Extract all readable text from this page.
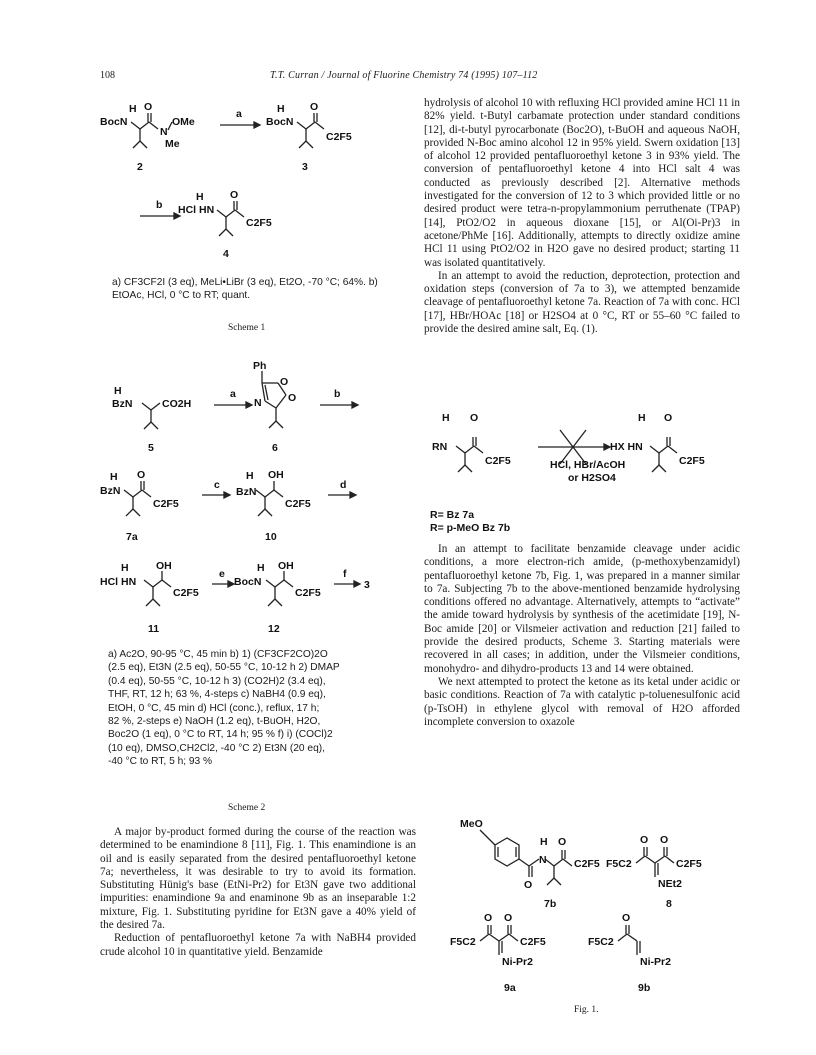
108	T.T. Curran / Journal of Fluorine Chemistry 74 (1995) 107–112
H O
BocN	OMe
N
Me
2
a	H O
BocN
C2F5
3
b
H	O
HCl HN
C2F5
4
a) CF3CF2I (3 eq), MeLi•LiBr (3 eq), Et2O, -70 °C; 64%. b) EtOAc, HCl, 0 °C to RT; quant.
Scheme 1
H
BzN	CO2H
5
a
Ph
O
N	O
6
b
H O
BzN
C2F5
7a
c
H OH
BzN
C2F5
10
d
H	OH
HCl HN
C2F5
11
e	H OH
BocN
C2F5
12
f
3
a) Ac2O, 90-95 °C, 45 min b) 1) (CF3CF2CO)2O
(2.5 eq), Et3N (2.5 eq), 50-55 °C, 10-12 h 2) DMAP
(0.4 eq), 50-55 °C, 10-12 h 3) (CO2H)2 (3.4 eq),
THF, RT, 12 h; 63 %, 4-steps c) NaBH4 (0.9 eq),
EtOH, 0 °C, 45 min d) HCl (conc.), reflux, 17 h;
82 %, 2-steps e) NaOH (1.2 eq), t-BuOH, H2O,
Boc2O (1 eq), 0 °C to RT, 14 h; 95 % f) i) (COCl)2
(10 eq), DMSO,CH2Cl2, -40 °C 2) Et3N (20 eq),
-40 °C to RT, 5 h; 93 %
Scheme 2

A major by-product formed during the course of the reaction was determined to be enamindione 8 [11], Fig. 1. This enamindione is an oil and is easily separated from the desired pentafluoroethyl ketone 7a; nevertheless, it was desirable to try to avoid its formation. Substituting Hünig's base (EtNi-Pr2) for Et3N gave two additional impurities: enamindione 9a and enaminone 9b as an inseparable 1:2 mixture, Fig. 1. Substituting pyridine for Et3N gave a 40% yield of the desired 7a.

Reduction of pentafluoroethyl ketone 7a with NaBH4 provided crude alcohol 10 in quantitative yield. Benzamide

hydrolysis of alcohol 10 with refluxing HCl provided amine HCl 11 in 82% yield. t-Butyl carbamate protection under standard conditions [12], di-t-butyl pyrocarbonate (Boc2O), t-BuOH and aqueous NaOH, provided N-Boc amino alcohol 12 in 95% yield. Swern oxidation [13] of alcohol 12 provided pentafluoroethyl ketone 3 in 93% yield. The conversion of pentafluoroethyl ketone 4 into HCl salt 4 was conducted as previously described [2]. Alternative methods investigated for the conversion of 12 to 3 which provided little or no desired product were tetra-n-propylammonium perruthenate (TPAP) [14], PtO2/O2 in aqueous dioxane [15], or Al(Oi-Pr)3 in acetone/PhMe [16]. Additionally, attempts to directly oxidize amine HCl 11 using PtO2/O2 in H2O gave no desired product; starting 11 was isolated quantitatively.

In an attempt to avoid the reduction, deprotection, protection and oxidation steps (conversion of 7a to 3), we attempted benzamide cleavage of pentafluoroethyl ketone 7a. Reaction of 7a with conc. HCl [17], HBr/HOAc [18] or H2SO4 at 0 °C, RT or 55–60 °C failed to provide the desired amine salt, Eq. (1).

H O
RN
C2F5	HCl, HBr/AcOH
or H2SO4
H O
HX HN
C2F5
R= Bz 7a
R= p-MeO Bz 7b

In an attempt to facilitate benzamide cleavage under acidic conditions, a more electron-rich amide, (p-methoxybenzamidyl) pentafluoroethyl ketone 7b, Fig. 1, was prepared in a manner similar to 7a. Subjecting 7b to the above-mentioned benzamide hydrolysing conditions offered no advantage. Alternatively, attempts to “activate” the amide toward hydrolysis by synthesis of the acetimidate [19], N-Boc amide [20] or Vilsmeier activation and reduction [21] failed to provide the desired products, Scheme 3. Starting materials were recovered in all cases; in addition, under the Vilsmeier conditions, monohydro- and dihydro-products 13 and 14 were obtained.

We next attempted to protect the ketone as its ketal under acidic or basic conditions. Reaction of 7a with catalytic p-toluenesulfonic acid (p-TsOH) in ethylene glycol with removal of H2O afforded incomplete conversion to oxazole

MeO
O
H
N
O
C2F5
7b
O O
F5C2	C2F5
NEt2
8
O O
F5C2	C2F5
Ni-Pr2
9a
O
F5C2
Ni-Pr2
9b
Fig. 1.
